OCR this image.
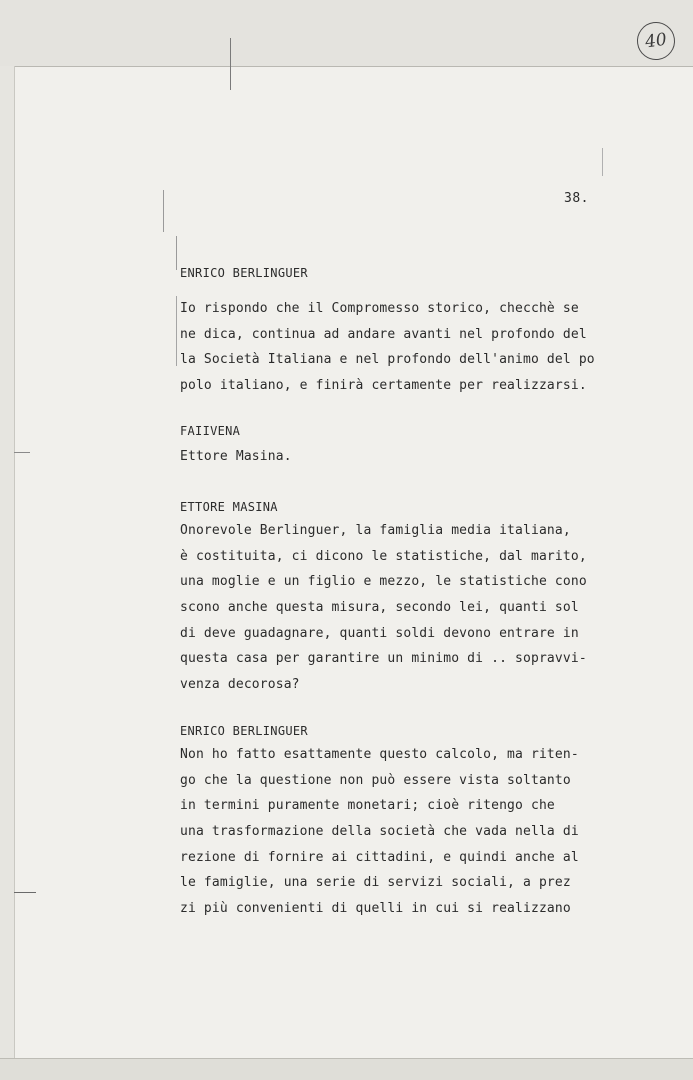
40
38.
ENRICO BERLINGUER
Io rispondo che il Compromesso storico, checchè se
ne dica, continua ad andare avanti nel profondo del
la Società Italiana e nel profondo dell'animo del po
polo italiano, e finirà certamente per realizzarsi.
FAIIVENA
Ettore Masina.
ETTORE MASINA
Onorevole Berlinguer, la famiglia media italiana,
è costituita, ci dicono le statistiche, dal marito,
una moglie e un figlio e mezzo, le statistiche cono
scono anche questa misura, secondo lei, quanti sol
di deve guadagnare, quanti soldi devono entrare in
questa casa per garantire un minimo di .. sopravvi-
venza decorosa?
ENRICO BERLINGUER
Non ho fatto esattamente questo calcolo, ma riten-
go che la questione non può essere vista soltanto
in termini puramente monetari; cioè ritengo che
una trasformazione della società che vada nella di
rezione di fornire ai cittadini, e quindi anche al
le famiglie, una serie di servizi sociali, a prez
zi più convenienti di quelli in cui si realizzano
